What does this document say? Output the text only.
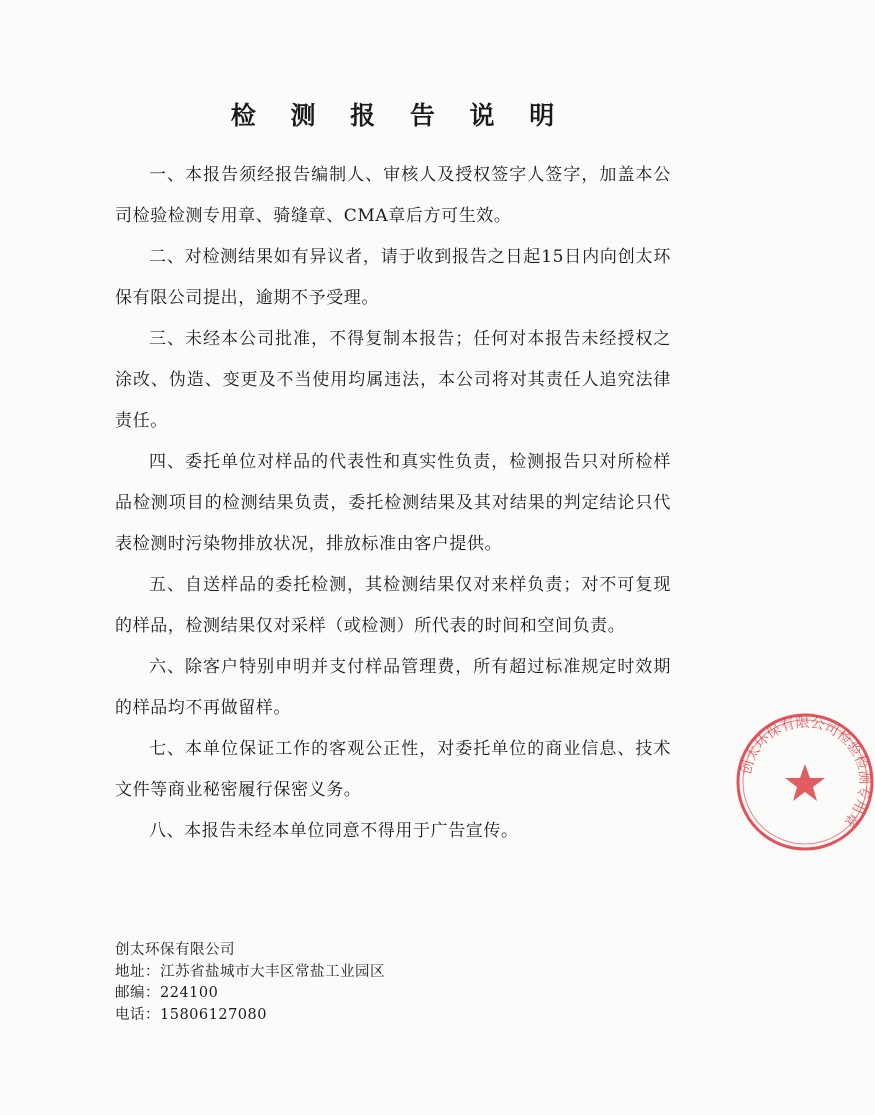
检 测 报 告 说 明
一、本报告须经报告编制人、审核人及授权签字人签字，加盖本公司检验检测专用章、骑缝章、CMA章后方可生效。
二、对检测结果如有异议者，请于收到报告之日起15日内向创太环保有限公司提出，逾期不予受理。
三、未经本公司批准，不得复制本报告；任何对本报告未经授权之涂改、伪造、变更及不当使用均属违法，本公司将对其责任人追究法律责任。
四、委托单位对样品的代表性和真实性负责，检测报告只对所检样品检测项目的检测结果负责，委托检测结果及其对结果的判定结论只代表检测时污染物排放状况，排放标准由客户提供。
五、自送样品的委托检测，其检测结果仅对来样负责；对不可复现的样品，检测结果仅对采样（或检测）所代表的时间和空间负责。
六、除客户特别申明并支付样品管理费，所有超过标准规定时效期的样品均不再做留样。
七、本单位保证工作的客观公正性，对委托单位的商业信息、技术文件等商业秘密履行保密义务。
八、本报告未经本单位同意不得用于广告宣传。
创太环保有限公司
地址：江苏省盐城市大丰区常盐工业园区
邮编：224100
电话：15806127080
创太环保有限公司检验检测专用章
